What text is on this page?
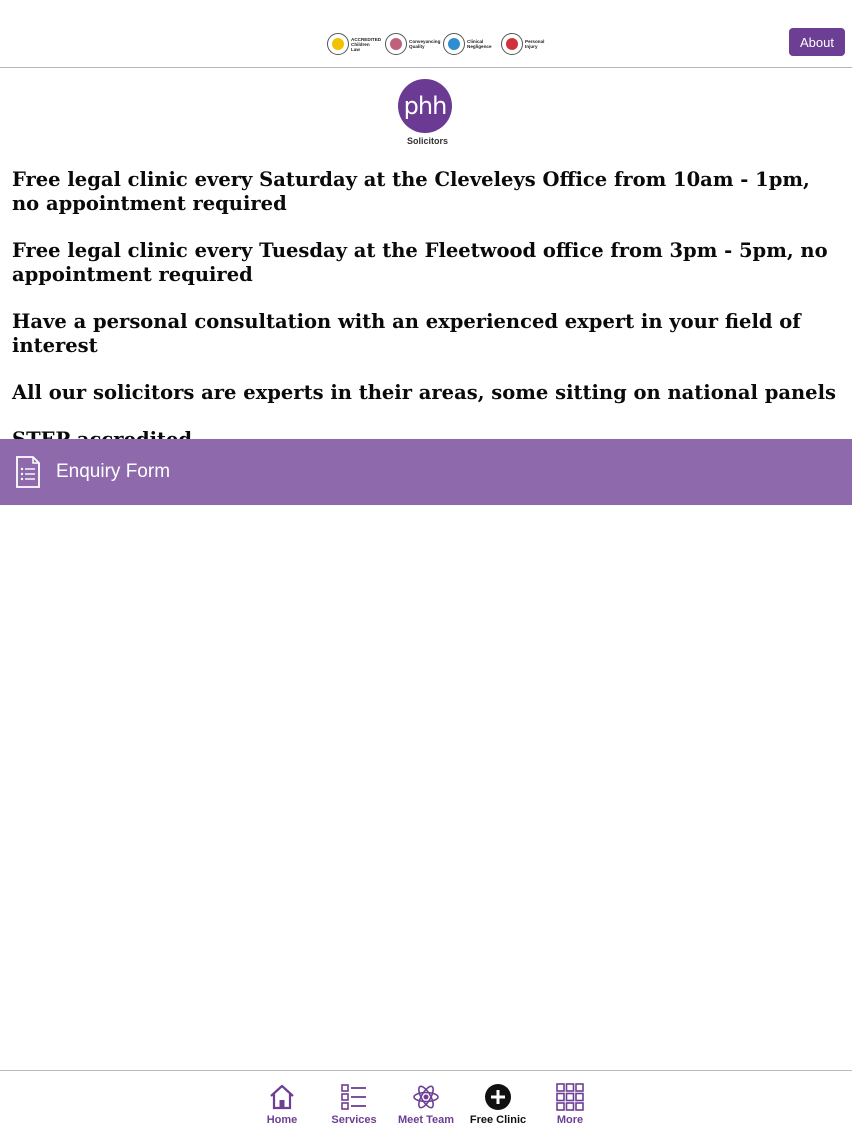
ACCREDITED Children Law
Conveyancing Quality
Clinical Negligence
Personal Injury	About
phh
Solicitors

Free legal clinic every Saturday at the Cleveleys Office from 10am - 1pm, no appointment required

Free legal clinic every Tuesday at the Fleetwood office from 3pm - 5pm, no appointment required

Have a personal consultation with an experienced expert in your field of interest

All our solicitors are experts in their areas, some sitting on national panels

Enquiry Form
Home	Services Meet Team Free Clinic	More
